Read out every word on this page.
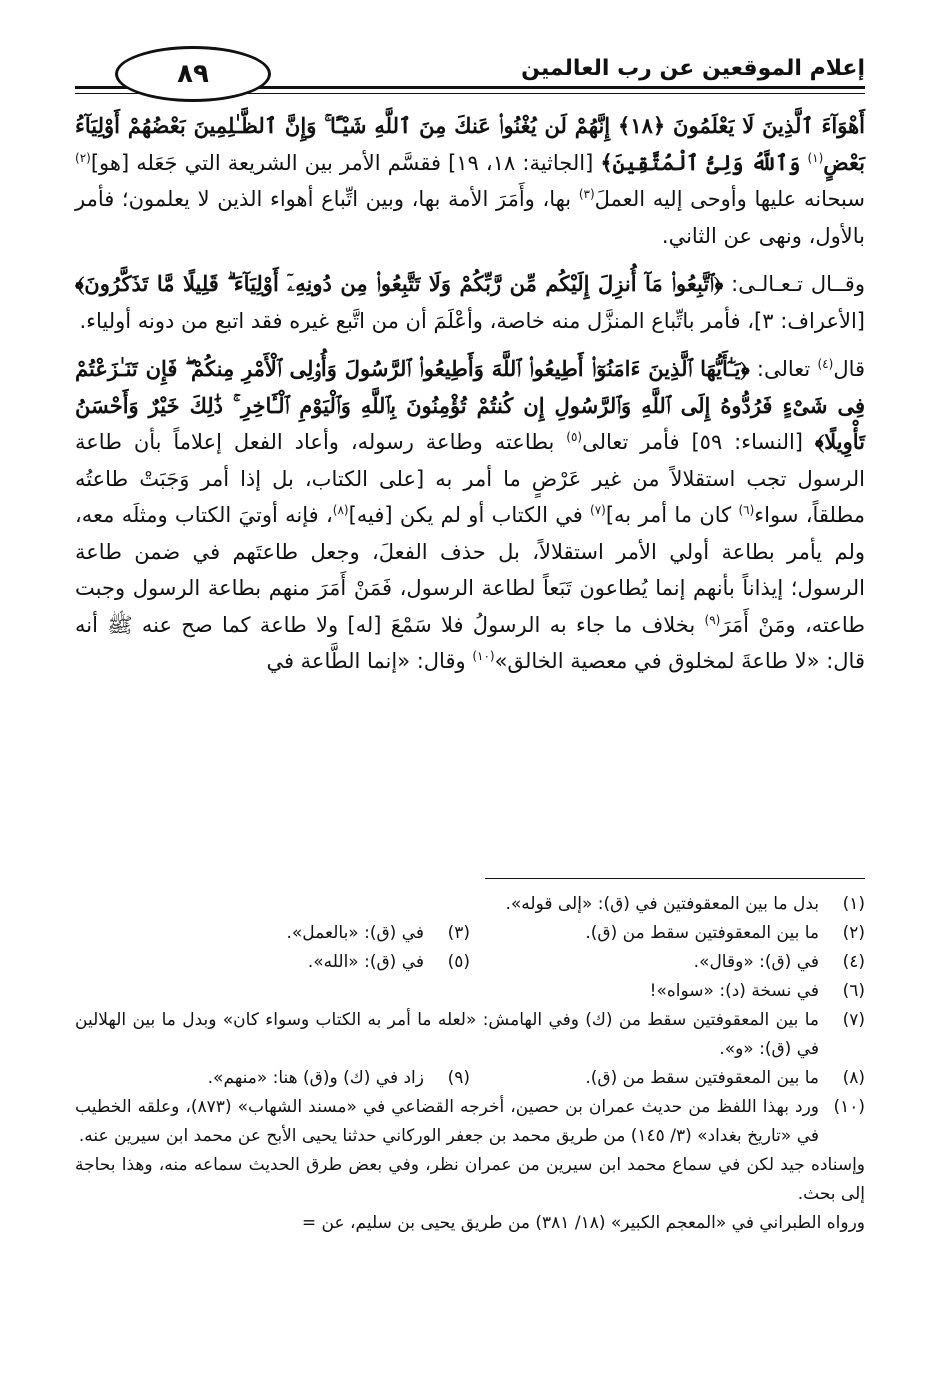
إعلام الموقعين عن رب العالمين
٨٩

أَهْوَآءَ ٱلَّذِينَ لَا يَعْلَمُونَ ﴿١٨﴾ إِنَّهُمْ لَن يُغْنُوا۟ عَنكَ مِنَ ٱللَّهِ شَيْـًٔا ۚ وَإِنَّ ٱلظَّـٰلِمِينَ بَعْضُهُمْ أَوْلِيَآءُ بَعْضٍ$^{(١)}$ وَٱللَّهُ وَلِىُّ ٱلْمُتَّقِينَ﴾ [الجاثية: ١٨، ١٩] فقسَّم الأمر بين الشريعة التي جَعَله [هو]$^{(٢)}$ سبحانه عليها وأوحى إليه العملَ$^{(٣)}$ بها، وأَمَرَ الأمة بها، وبين اتِّباع أهواء الذين لا يعلمون؛ فأمر بالأول، ونهى عن الثاني.

وقــال تـعـالـى: ﴿ٱتَّبِعُوا۟ مَآ أُنزِلَ إِلَيْكُم مِّن رَّبِّكُمْ وَلَا تَتَّبِعُوا۟ مِن دُونِهِۦٓ أَوْلِيَآءَ ۗ قَلِيلًا مَّا تَذَكَّرُونَ﴾ [الأعراف: ٣]، فأمر باتِّباع المنزَّل منه خاصة، وأعْلَمَ أن من اتَّبع غيره فقد اتبع من دونه أولياء.

قال$^{(٤)}$ تعالى: ﴿يَـٰٓأَيُّهَا ٱلَّذِينَ ءَامَنُوٓا۟ أَطِيعُوا۟ ٱللَّهَ وَأَطِيعُوا۟ ٱلرَّسُولَ وَأُو۟لِى ٱلْأَمْرِ مِنكُمْ ۖ فَإِن تَنَـٰزَعْتُمْ فِى شَىْءٍ فَرُدُّوهُ إِلَى ٱللَّهِ وَٱلرَّسُولِ إِن كُنتُمْ تُؤْمِنُونَ بِٱللَّهِ وَٱلْيَوْمِ ٱلْـَٔاخِرِ ۚ ذَٰلِكَ خَيْرٌ وَأَحْسَنُ تَأْوِيلًا﴾ [النساء: ٥٩] فأمر تعالى$^{(٥)}$ بطاعته وطاعة رسوله، وأعاد الفعل إعلاماً بأن طاعة الرسول تجب استقلالاً من غير عَرْضٍ ما أمر به [على الكتاب، بل إذا أمر وَجَبَتْ طاعتُه مطلقاً، سواء$^{(٦)}$ كان ما أمر به]$^{(٧)}$ في الكتاب أو لم يكن [فيه]$^{(٨)}$، فإنه أوتيَ الكتاب ومثلَه معه، ولم يأمر بطاعة أولي الأمر استقلالاً، بل حذف الفعلَ، وجعل طاعتَهم في ضمن طاعة الرسول؛ إيذاناً بأنهم إنما يُطاعون تَبَعاً لطاعة الرسول، فَمَنْ أَمَرَ منهم بطاعة الرسول وجبت طاعته، ومَنْ أَمَرَ$^{(٩)}$ بخلاف ما جاء به الرسولُ فلا سَمْعَ [له] ولا طاعة كما صح عنه ﷺ أنه قال: «لا طاعةَ لمخلوق في معصية الخالق»$^{(١٠)}$ وقال: «إنما الطَّاعة في

(١)
بدل ما بين المعقوفتين في (ق): «إلى قوله».
(٢)
ما بين المعقوفتين سقط من (ق).
(٣)
في (ق): «بالعمل».
(٤)
في (ق): «وقال».
(٥)
في (ق): «الله».
(٦)
في نسخة (د): «سواه»!
(٧)
ما بين المعقوفتين سقط من (ك) وفي الهامش: «لعله ما أمر به الكتاب وسواء كان» وبدل ما بين الهلالين في (ق): «و».
(٨)
ما بين المعقوفتين سقط من (ق).
(٩)
زاد في (ك) و(ق) هنا: «منهم».
(١٠)
ورد بهذا اللفظ من حديث عمران بن حصين، أخرجه القضاعي في «مسند الشهاب» (٨٧٣)، وعلقه الخطيب في «تاريخ بغداد» (٣/ ١٤٥) من طريق محمد بن جعفر الوركاني حدثنا يحيى الأبح عن محمد ابن سيرين عنه.
وإسناده جيد لكن في سماع محمد ابن سيرين من عمران نظر، وفي بعض طرق الحديث سماعه منه، وهذا بحاجة إلى بحث.
ورواه الطبراني في «المعجم الكبير» (١٨/ ٣٨١) من طريق يحيى بن سليم، عن =
